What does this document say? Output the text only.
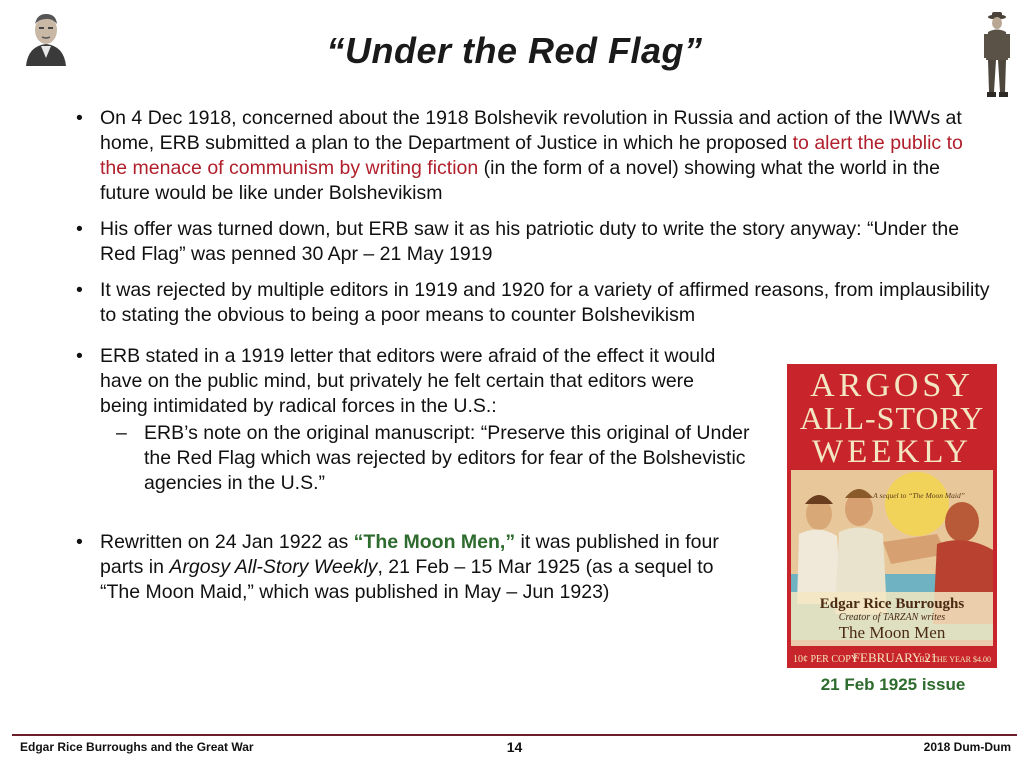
“Under the Red Flag”

• On 4 Dec 1918, concerned about the 1918 Bolshevik revolution in Russia and action of the IWWs at home, ERB submitted a plan to the Department of Justice in which he proposed to alert the public to the menace of communism by writing fiction (in the form of a novel) showing what the world in the future would be like under Bolshevikism

• His offer was turned down, but ERB saw it as his patriotic duty to write the story anyway: “Under the Red Flag” was penned 30 Apr – 21 May 1919

• It was rejected by multiple editors in 1919 and 1920 for a variety of affirmed reasons, from implausibility to stating the obvious to being a poor means to counter Bolshevikism

• ERB stated in a 1919 letter that editors were afraid of the effect it would have on the public mind, but privately he felt certain that editors were being intimidated by radical forces in the U.S.:

– ERB’s note on the original manuscript: “Preserve this original of Under the Red Flag which was rejected by editors for fear of the Bolshevistic agencies in the U.S.”

• Rewritten on 24 Jan 1922 as “The Moon Men,” it was published in four parts in Argosy All-Story Weekly, 21 Feb – 15 Mar 1925 (as a sequel to “The Moon Maid,” which was published in May – Jun 1923)

ARGOSY
ALL-STORY
WEEKLY
A sequel to “The Moon Maid”
Edgar Rice Burroughs
Creator of TARZAN writes
The Moon Men
10¢ PER COPY
FEBRUARY 21
BY THE YEAR $4.00
21 Feb 1925 issue
Edgar Rice Burroughs and the Great War	14	2018 Dum-Dum
